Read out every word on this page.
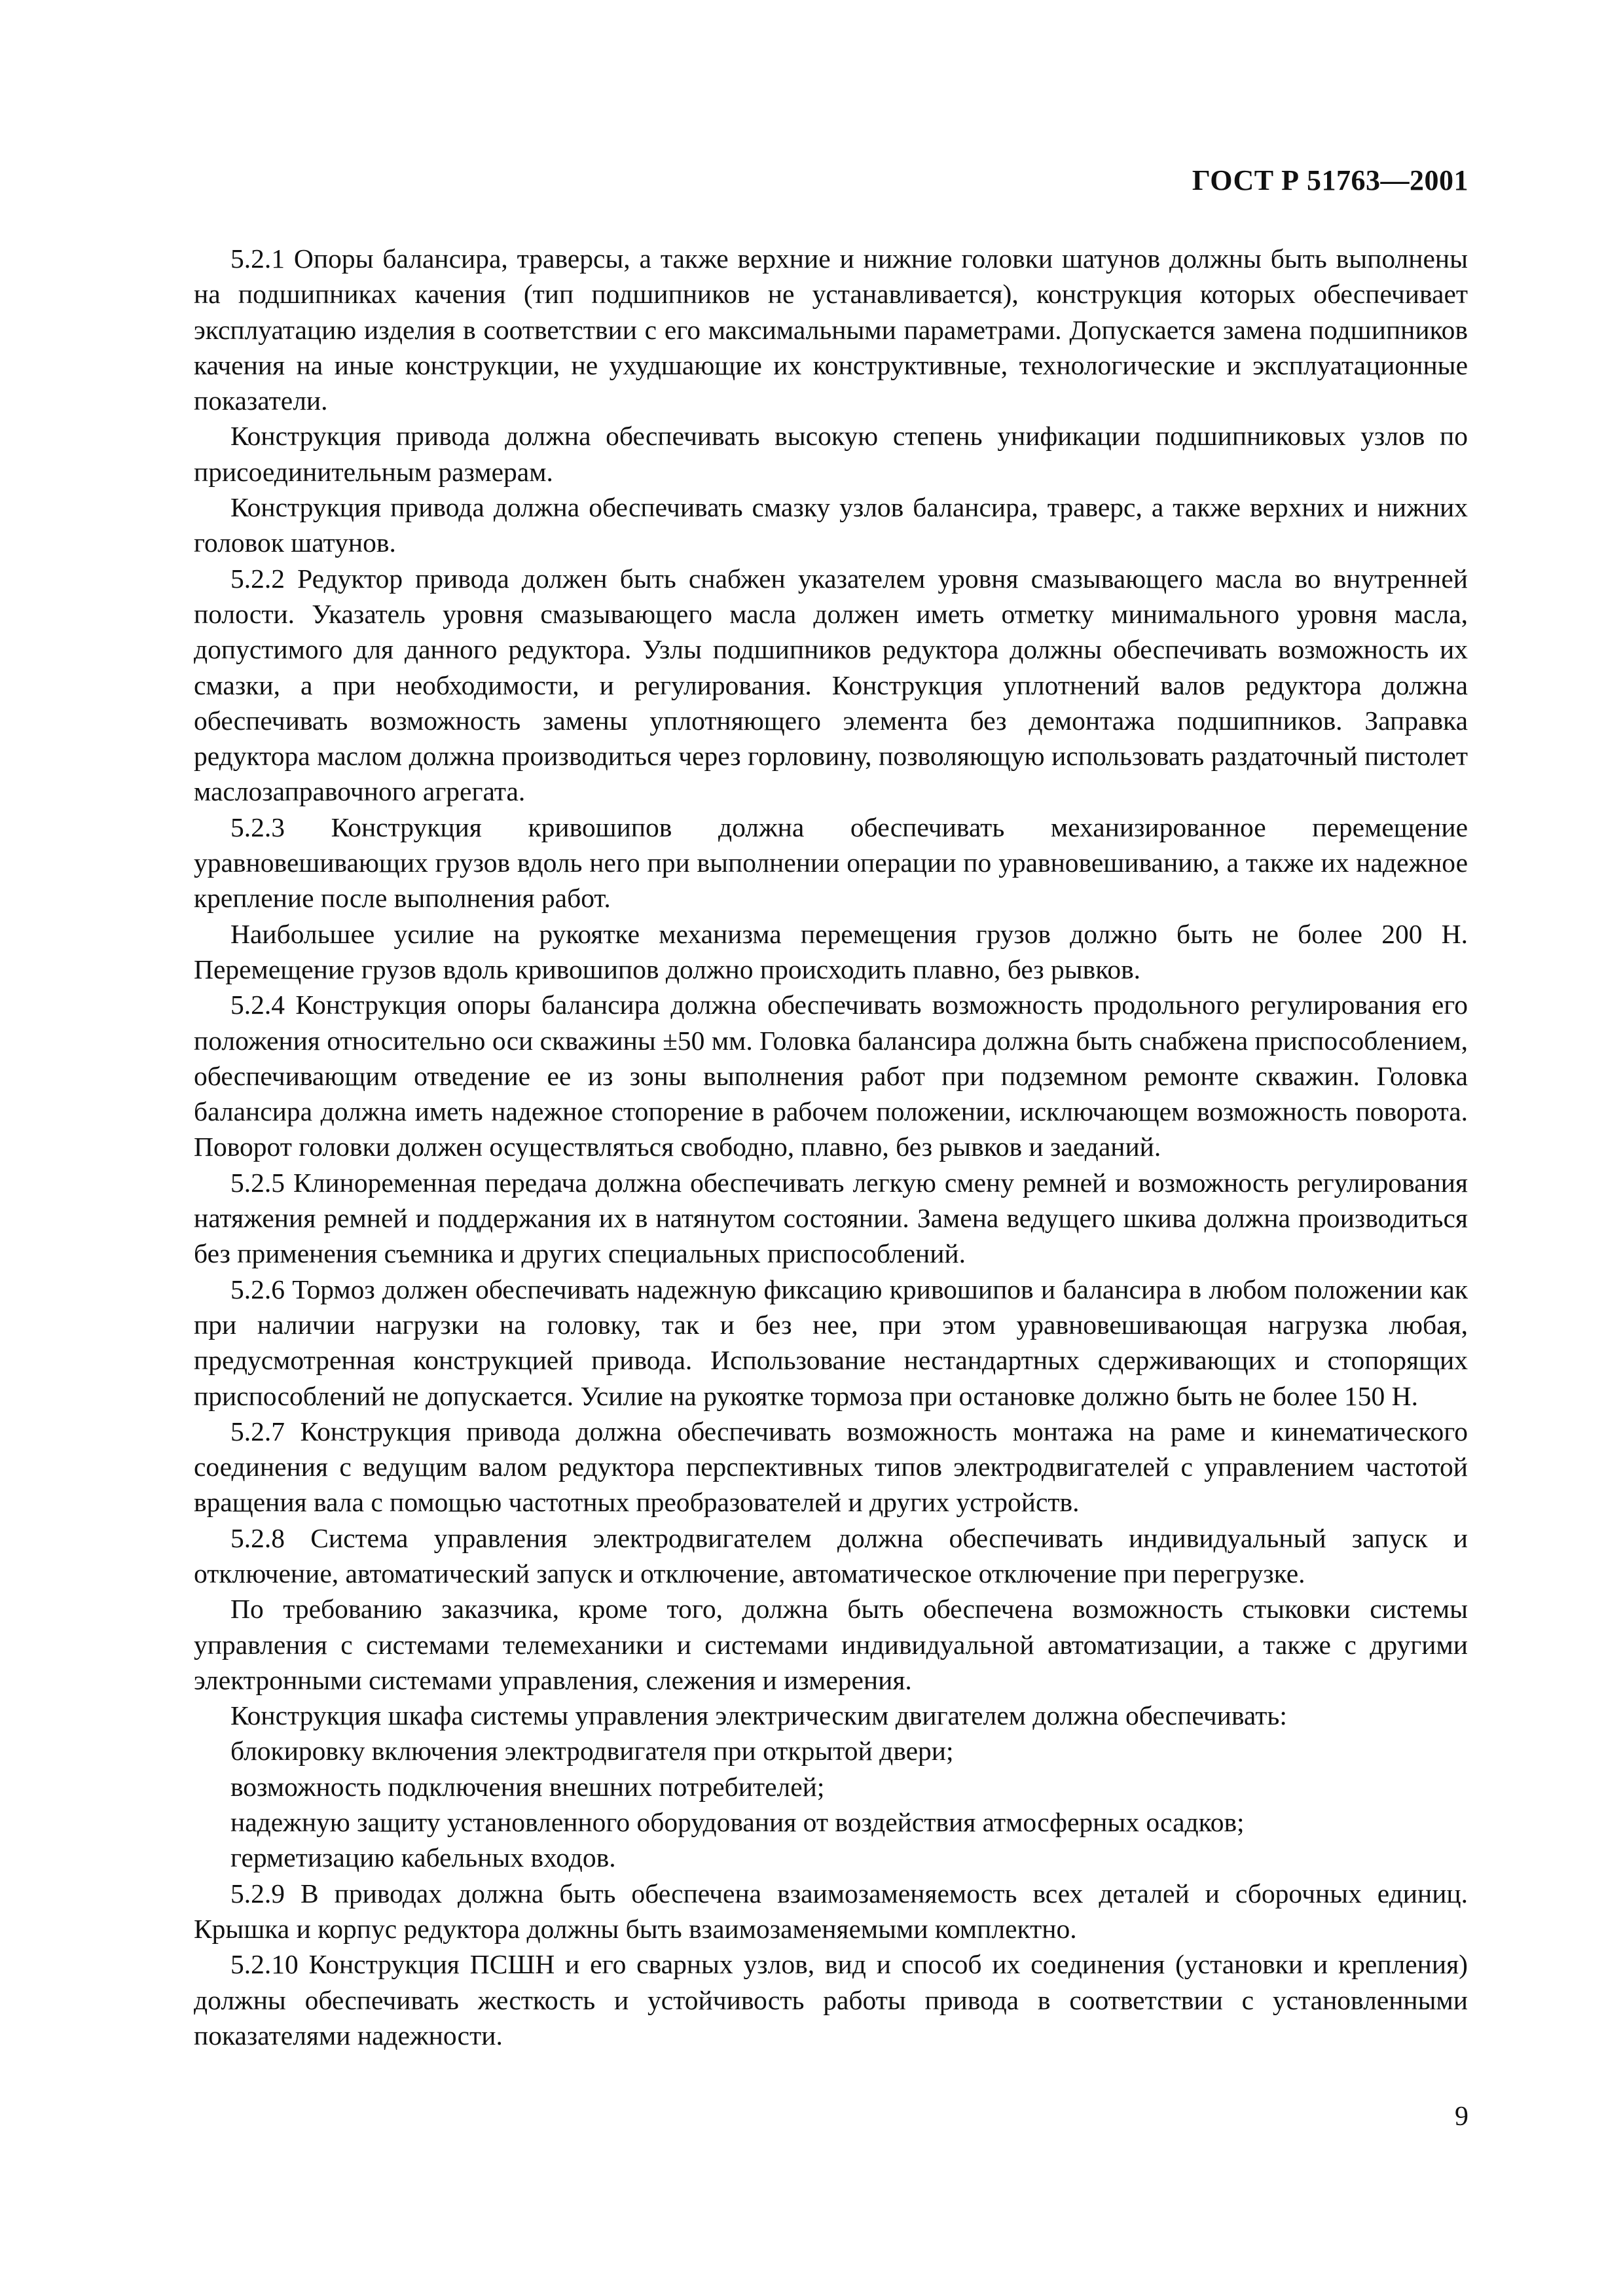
ГОСТ Р 51763—2001

5.2.1 Опоры балансира, траверсы, а также верхние и нижние головки шатунов должны быть выполнены на подшипниках качения (тип подшипников не устанавливается), конструкция которых обеспечивает эксплуатацию изделия в соответствии с его максимальными параметрами. Допускается замена подшипников качения на иные конструкции, не ухудшающие их конструктивные, технологические и эксплуатационные показатели.

Конструкция привода должна обеспечивать высокую степень унификации подшипниковых узлов по присоединительным размерам.

Конструкция привода должна обеспечивать смазку узлов балансира, траверс, а также верхних и нижних головок шатунов.

5.2.2 Редуктор привода должен быть снабжен указателем уровня смазывающего масла во внутренней полости. Указатель уровня смазывающего масла должен иметь отметку минимального уровня масла, допустимого для данного редуктора. Узлы подшипников редуктора должны обеспечивать возможность их смазки, а при необходимости, и регулирования. Конструкция уплотнений валов редуктора должна обеспечивать возможность замены уплотняющего элемента без демонтажа подшипников. Заправка редуктора маслом должна производиться через горловину, позволяющую использовать раздаточный пистолет маслозаправочного агрегата.

5.2.3 Конструкция кривошипов должна обеспечивать механизированное перемещение уравновешивающих грузов вдоль него при выполнении операции по уравновешиванию, а также их надежное крепление после выполнения работ.

Наибольшее усилие на рукоятке механизма перемещения грузов должно быть не более 200 Н. Перемещение грузов вдоль кривошипов должно происходить плавно, без рывков.

5.2.4 Конструкция опоры балансира должна обеспечивать возможность продольного регулирования его положения относительно оси скважины ±50 мм. Головка балансира должна быть снабжена приспособлением, обеспечивающим отведение ее из зоны выполнения работ при подземном ремонте скважин. Головка балансира должна иметь надежное стопорение в рабочем положении, исключающем возможность поворота. Поворот головки должен осуществляться свободно, плавно, без рывков и заеданий.

5.2.5 Клиноременная передача должна обеспечивать легкую смену ремней и возможность регулирования натяжения ремней и поддержания их в натянутом состоянии. Замена ведущего шкива должна производиться без применения съемника и других специальных приспособлений.

5.2.6 Тормоз должен обеспечивать надежную фиксацию кривошипов и балансира в любом положении как при наличии нагрузки на головку, так и без нее, при этом уравновешивающая нагрузка любая, предусмотренная конструкцией привода. Использование нестандартных сдерживающих и стопорящих приспособлений не допускается. Усилие на рукоятке тормоза при остановке должно быть не более 150 Н.

5.2.7 Конструкция привода должна обеспечивать возможность монтажа на раме и кинематического соединения с ведущим валом редуктора перспективных типов электродвигателей с управлением частотой вращения вала с помощью частотных преобразователей и других устройств.

5.2.8 Система управления электродвигателем должна обеспечивать индивидуальный запуск и отключение, автоматический запуск и отключение, автоматическое отключение при перегрузке.

По требованию заказчика, кроме того, должна быть обеспечена возможность стыковки системы управления с системами телемеханики и системами индивидуальной автоматизации, а также с другими электронными системами управления, слежения и измерения.

Конструкция шкафа системы управления электрическим двигателем должна обеспечивать:

блокировку включения электродвигателя при открытой двери;

возможность подключения внешних потребителей;

надежную защиту установленного оборудования от воздействия атмосферных осадков;

герметизацию кабельных входов.

5.2.9 В приводах должна быть обеспечена взаимозаменяемость всех деталей и сборочных единиц. Крышка и корпус редуктора должны быть взаимозаменяемыми комплектно.

5.2.10 Конструкция ПСШН и его сварных узлов, вид и способ их соединения (установки и крепления) должны обеспечивать жесткость и устойчивость работы привода в соответствии с установленными показателями надежности.

9
